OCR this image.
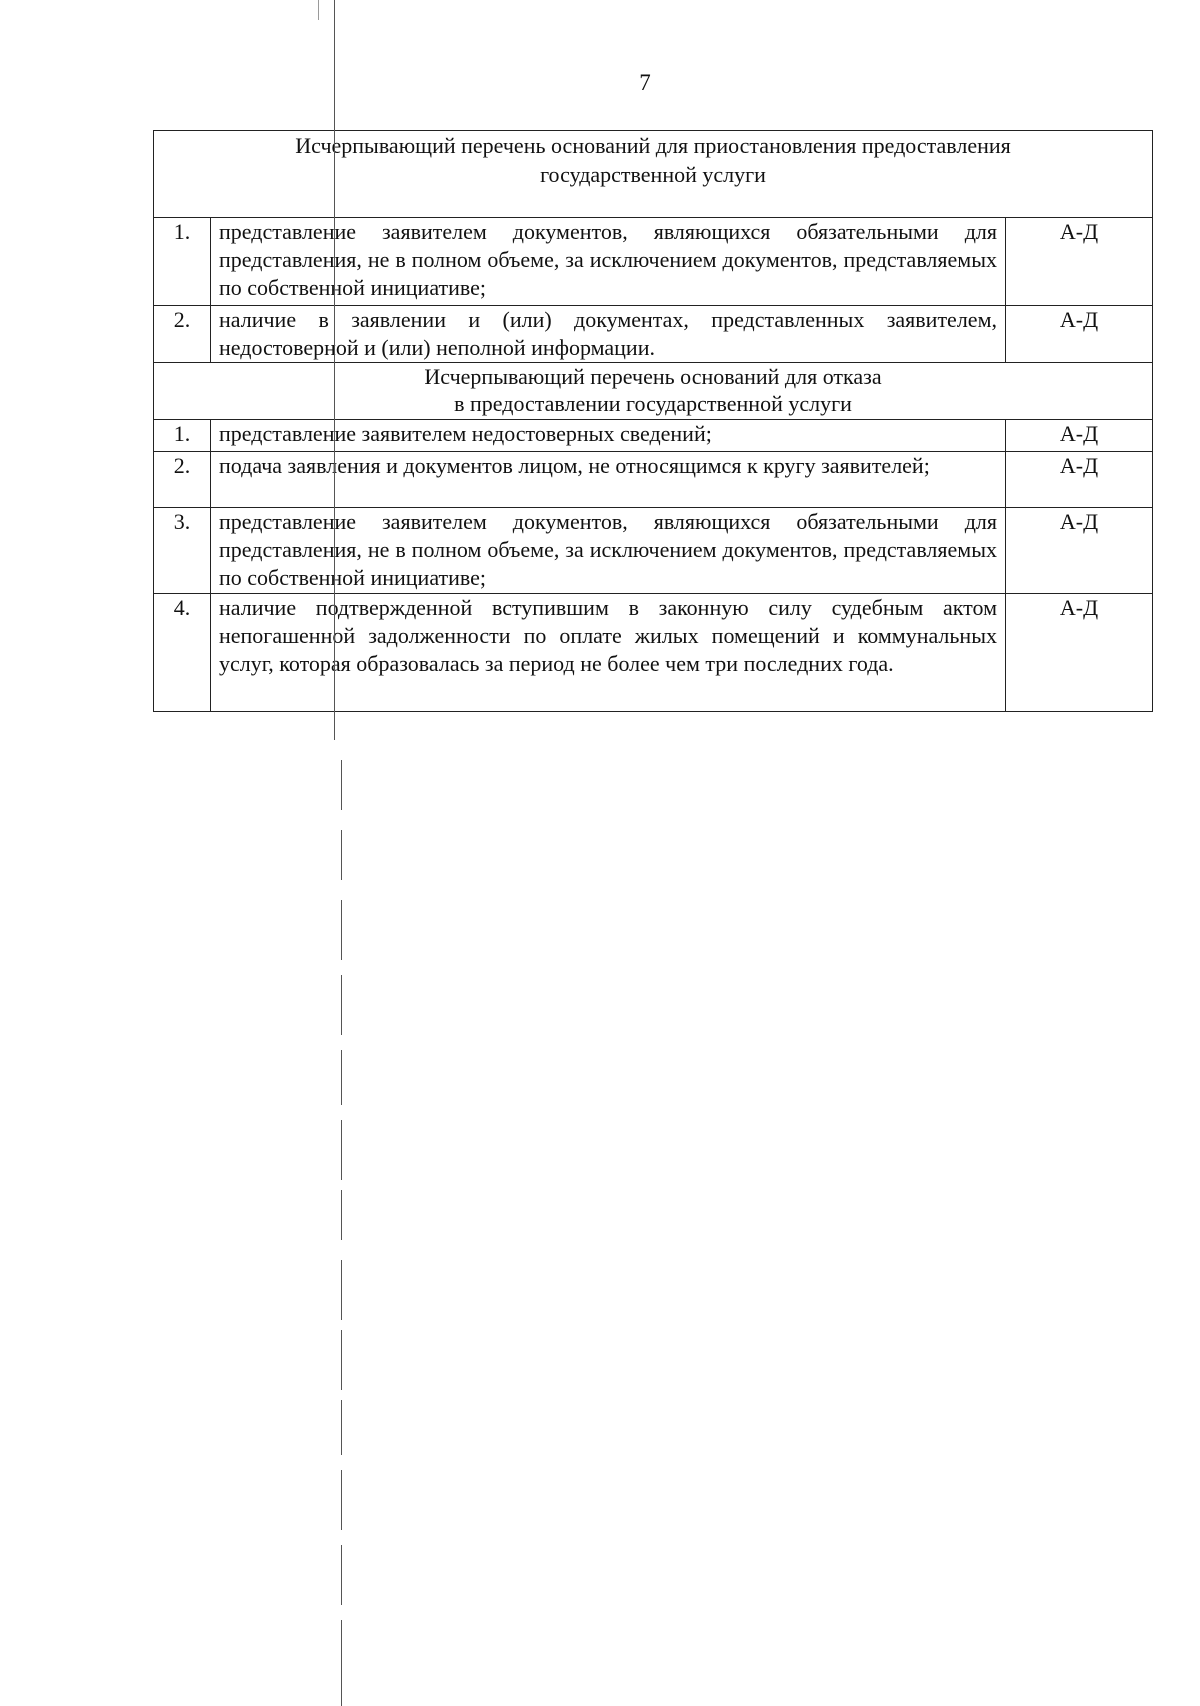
7
Исчерпывающий перечень оснований для приостановления предоставления
государственной услуги		

1.	представление заявителем документов, являющихся обязательными для представления, не в полном объеме, за исключением документов, представляемых по собственной инициативе;	А-Д
2.	наличие в заявлении и (или) документах, представленных заявителем, недостоверной и (или) неполной информации.	А-Д

Исчерпывающий перечень оснований для отказа
в предоставлении государственной услуги		

1.	представление заявителем недостоверных сведений;	А-Д
2.	подача заявления и документов лицом, не относящимся к кругу заявителей;	А-Д
3.	представление заявителем документов, являющихся обязательными для представления, не в полном объеме, за исключением документов, представляемых по собственной инициативе;	А-Д
4.	наличие подтвержденной вступившим в законную силу судебным актом непогашенной задолженности по оплате жилых помещений и коммунальных услуг, которая образовалась за период не более чем три последних года.	А-Д
